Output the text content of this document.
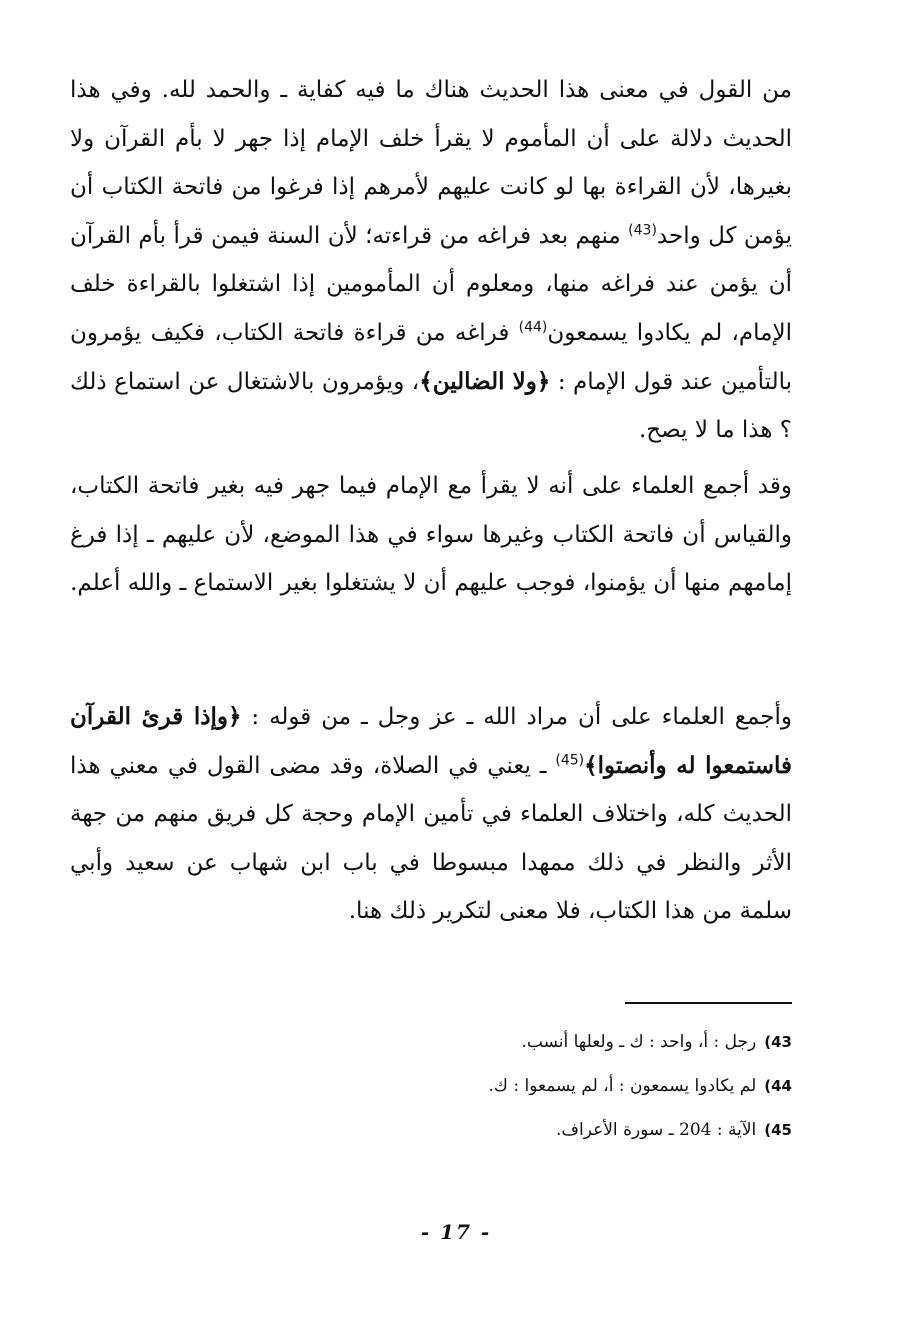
من القول في معنى هذا الحديث هناك ما فيه كفاية ـ والحمد لله. وفي هذا الحديث دلالة على أن المأموم لا يقرأ خلف الإمام إذا جهر لا بأم القرآن ولا بغيرها، لأن القراءة بها لو كانت عليهم لأمرهم إذا فرغوا من فاتحة الكتاب أن يؤمن كل واحد$^{(43)}$ منهم بعد فراغه من قراءته؛ لأن السنة فيمن قرأ بأم القرآن أن يؤمن عند فراغه منها، ومعلوم أن المأمومين إذا اشتغلوا بالقراءة خلف الإمام، لم يكادوا يسمعون$^{(44)}$ فراغه من قراءة فاتحة الكتاب، فكيف يؤمرون بالتأمين عند قول الإمام : ﴿ولا الضالين﴾، ويؤمرون بالاشتغال عن استماع ذلك ؟ هذا ما لا يصح.

وقد أجمع العلماء على أنه لا يقرأ مع الإمام فيما جهر فيه بغير فاتحة الكتاب، والقياس أن فاتحة الكتاب وغيرها سواء في هذا الموضع، لأن عليهم ـ إذا فرغ إمامهم منها أن يؤمنوا، فوجب عليهم أن لا يشتغلوا بغير الاستماع ـ والله أعلم.

وأجمع العلماء على أن مراد الله ـ عز وجل ـ من قوله : ﴿وإذا قرئ القرآن فاستمعوا له وأنصتوا﴾$^{(45)}$ ـ يعني في الصلاة، وقد مضى القول في معني هذا الحديث كله، واختلاف العلماء في تأمين الإمام وحجة كل فريق منهم من جهة الأثر والنظر في ذلك ممهدا مبسوطا في باب ابن شهاب عن سعيد وأبي سلمة من هذا الكتاب، فلا معنى لتكرير ذلك هنا.

43)رجل : أ، واحد : ك ـ ولعلها أنسب.
44)لم يكادوا يسمعون : أ، لم يسمعوا : ك.
45)الآية : 204 ـ سورة الأعراف.
- 17 -
